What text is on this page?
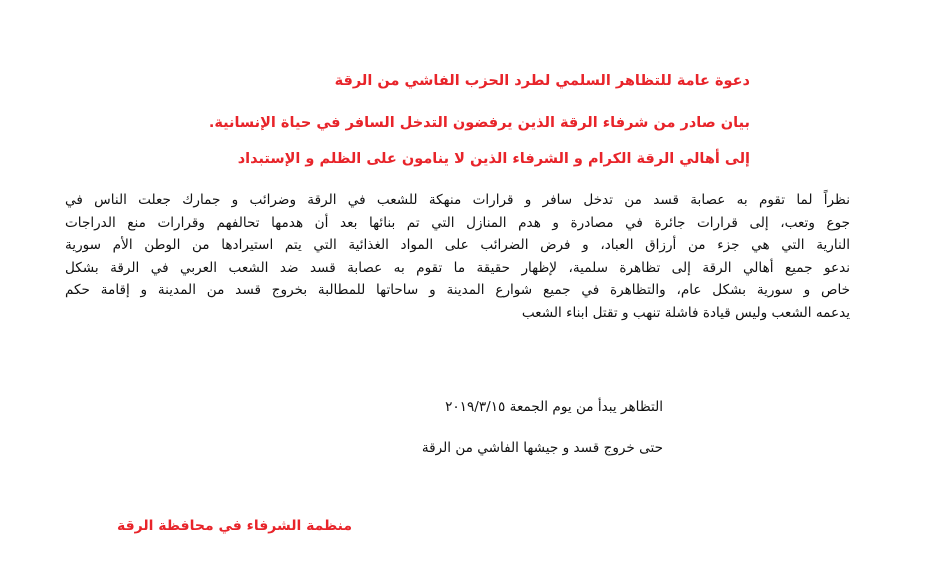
دعوة عامة للتظاهر السلمي لطرد الحزب الفاشي من الرقة
بيان صادر من شرفاء الرقة الذين يرفضون التدخل السافر في حياة الإنسانية.
إلى أهالي الرقة الكرام و الشرفاء الذين لا ينامون على الظلم و الإستبداد
نظراً لما تقوم به عصابة قسد من تدخل سافر و قرارات منهكة للشعب في الرقة وضرائب و جمارك جعلت الناس في
جوع وتعب، إلى قرارات جائرة في مصادرة و هدم المنازل التي تم بنائها بعد أن هدمها تحالفهم وقرارات منع الدراجات
النارية التي هي جزء من أرزاق العباد، و فرض الضرائب على المواد الغذائية التي يتم استيرادها من الوطن الأم سورية
ندعو جميع أهالي الرقة إلى تظاهرة سلمية، لإظهار حقيقة ما تقوم به عصابة قسد ضد الشعب العربي في الرقة بشكل
خاص و سورية بشكل عام، والتظاهرة في جميع شوارع المدينة و ساحاتها للمطالبة بخروج قسد من المدينة و إقامة حكم
يدعمه الشعب وليس قيادة فاشلة تنهب و تقتل ابناء الشعب
التظاهر يبدأ من يوم الجمعة ٢٠١٩/٣/١٥
حتى خروج قسد و جيشها الفاشي من الرقة
منظمة الشرفاء في محافظة الرقة
